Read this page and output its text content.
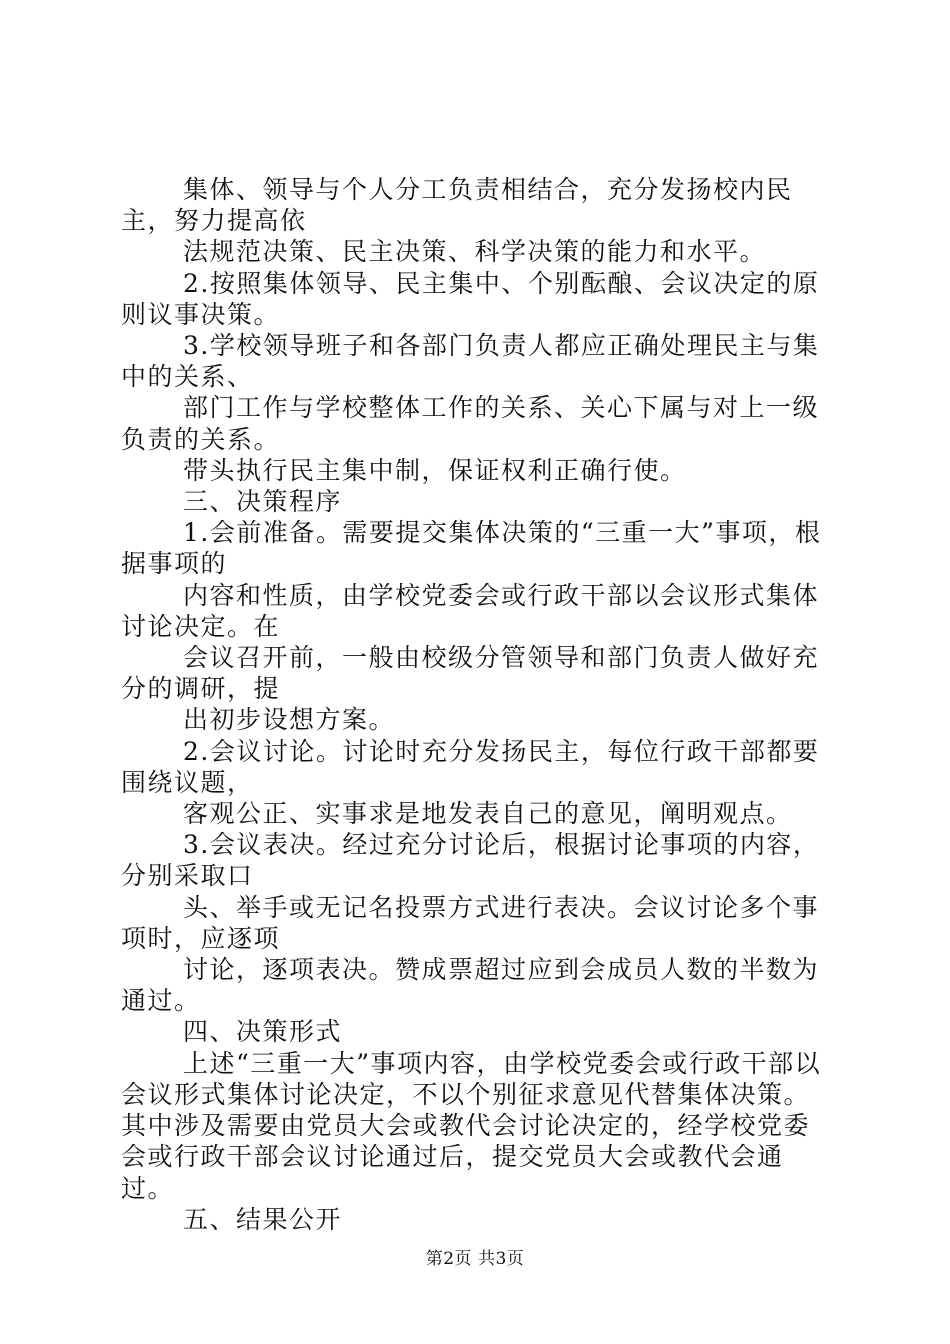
集体、领导与个人分工负责相结合，充分发扬校内民主，努力提高依
法规范决策、民主决策、科学决策的能力和水平。
2.按照集体领导、民主集中、个别酝酿、会议决定的原则议事决策。
3.学校领导班子和各部门负责人都应正确处理民主与集中的关系、
部门工作与学校整体工作的关系、关心下属与对上一级负责的关系。
带头执行民主集中制，保证权利正确行使。
三、决策程序
1.会前准备。需要提交集体决策的“三重一大”事项，根据事项的
内容和性质，由学校党委会或行政干部以会议形式集体讨论决定。在
会议召开前，一般由校级分管领导和部门负责人做好充分的调研，提
出初步设想方案。
2.会议讨论。讨论时充分发扬民主，每位行政干部都要围绕议题，
客观公正、实事求是地发表自己的意见，阐明观点。
3.会议表决。经过充分讨论后，根据讨论事项的内容，分别采取口
头、举手或无记名投票方式进行表决。会议讨论多个事项时，应逐项
讨论，逐项表决。赞成票超过应到会成员人数的半数为通过。
四、决策形式
上述“三重一大”事项内容，由学校党委会或行政干部以会议形式集体讨论决定，不以个别征求意见代替集体决策。其中涉及需要由党员大会或教代会讨论决定的，经学校党委会或行政干部会议讨论通过后，提交党员大会或教代会通过。
五、结果公开
第2页 共3页
